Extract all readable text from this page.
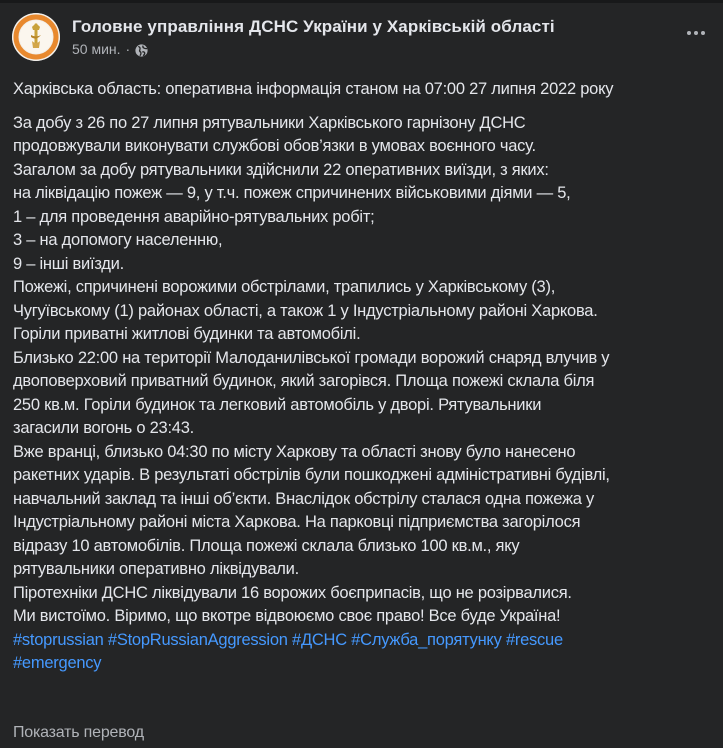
Головне управління ДСНС України у Харківській області
50 мин. ·
Харківська область: оперативна інформація станом на 07:00 27 липня 2022 року
За добу з 26 по 27 липня рятувальники Харківського гарнізону ДСНС
продовжували виконувати службові обов’язки в умовах воєнного часу.
Загалом за добу рятувальники здійснили 22 оперативних виїзди, з яких:
на ліквідацію пожеж — 9, у т.ч. пожеж спричинених військовими діями — 5,
1 – для проведення аварійно-рятувальних робіт;
3 – на допомогу населенню,
9 – інші виїзди.
Пожежі, спричинені ворожими обстрілами, трапились у Харківському (3),
Чугуївському (1) районах області, а також 1 у Індустріальному районі Харкова.
Горіли приватні житлові будинки та автомобілі.
Близько 22:00 на території Малоданилівської громади ворожий снаряд влучив у
двоповерховий приватний будинок, який загорівся. Площа пожежі склала біля
250 кв.м. Горіли будинок та легковий автомобіль у дворі. Рятувальники
загасили вогонь о 23:43.
Вже вранці, близько 04:30 по місту Харкову та області знову було нанесено
ракетних ударів. В результаті обстрілів були пошкоджені адміністративні будівлі,
навчальний заклад та інші об’єкти. Внаслідок обстрілу сталася одна пожежа у
Індустріальному районі міста Харкова. На парковці підприємства загорілося
відразу 10 автомобілів. Площа пожежі склала близько 100 кв.м., яку
рятувальники оперативно ліквідували.
Піротехніки ДСНС ліквідували 16 ворожих боєприпасів, що не розірвалися.
Ми вистоїмо. Віримо, що вкотре відвоюємо своє право! Все буде Україна!
#stoprussian #StopRussianAggression #ДСНС #Служба_порятунку #rescue
#emergency
Показать перевод
